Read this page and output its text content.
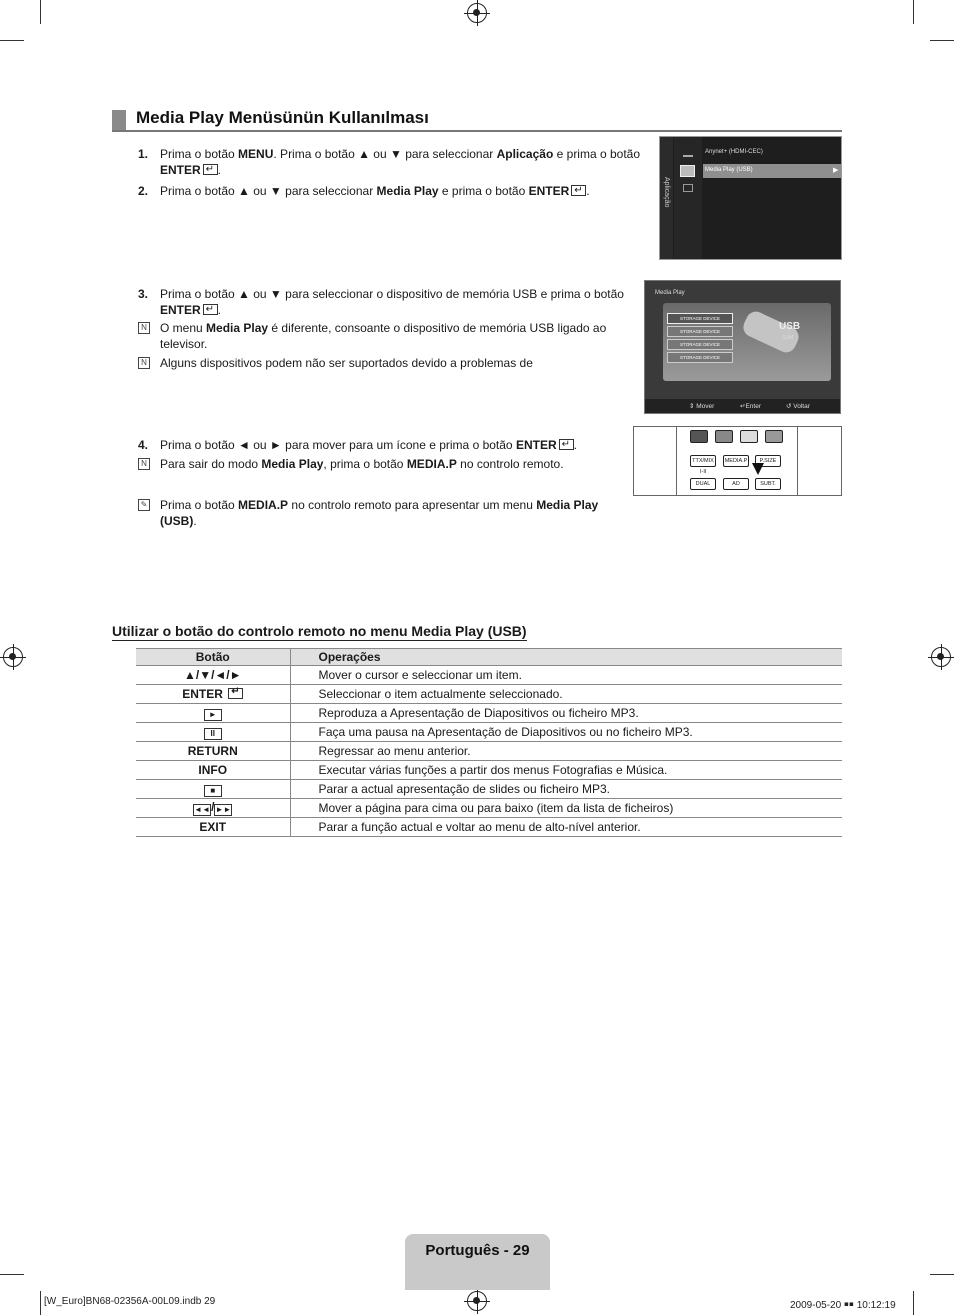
Media Play Menüsünün Kullanılması
1. Prima o botão MENU. Prima o botão ▲ ou ▼ para seleccionar Aplicação e prima o botão
ENTER ↵ .
2. Prima o botão ▲ ou ▼ para seleccionar Media Play e prima o botão ENTER ↵ .	Aplicação
Anynet+ (HDMI-CEC)
Media Play (USB)	▶
3. Prima o botão ▲ ou ▼ para seleccionar o dispositivo de memória USB e prima o botão
ENTER ↵ .
N O menu Media Play é diferente, consoante o dispositivo de memória USB ligado ao
televisor.
N Alguns dispositivos podem não ser suportados devido a problemas de
Media Play
STORAGE DEVICE
STORAGE DEVICE
STORAGE DEVICE
STORAGE DEVICE
USB
SUM
⇕ Mover	↵Enter	↺ Voltar
4. Prima o botão ◄ ou ► para mover para um ícone e prima o botão ENTER ↵ .
N Para sair do modo Media Play, prima o botão MEDIA.P no controlo remoto.
✎ Prima o botão MEDIA.P no controlo remoto para apresentar um menu Media Play
(USB).
TTX/MIX	MEDIA.P	P.SIZE
I-II
DUAL	AD	SUBT.
Utilizar o botão do controlo remoto no menu Media Play (USB)
Botão	Operações
▲/▼/◄/►	Mover o cursor e seleccionar um item.
ENTER ↵	Seleccionar o item actualmente seleccionado.
►	Reproduza a Apresentação de Diapositivos ou ficheiro MP3.
II	Faça uma pausa na Apresentação de Diapositivos ou no ficheiro MP3.
RETURN	Regressar ao menu anterior.
INFO	Executar várias funções a partir dos menus Fotografias e Música.
■	Parar a actual apresentação de slides ou ficheiro MP3.
◄◄/►►	Mover a página para cima ou para baixo (item da lista de ficheiros)
EXIT	Parar a função actual e voltar ao menu de alto-nível anterior.
Português - 29
[W_Euro]BN68-02356A-00L09.indb 29	2009-05-20 ￭￭ 10:12:19
